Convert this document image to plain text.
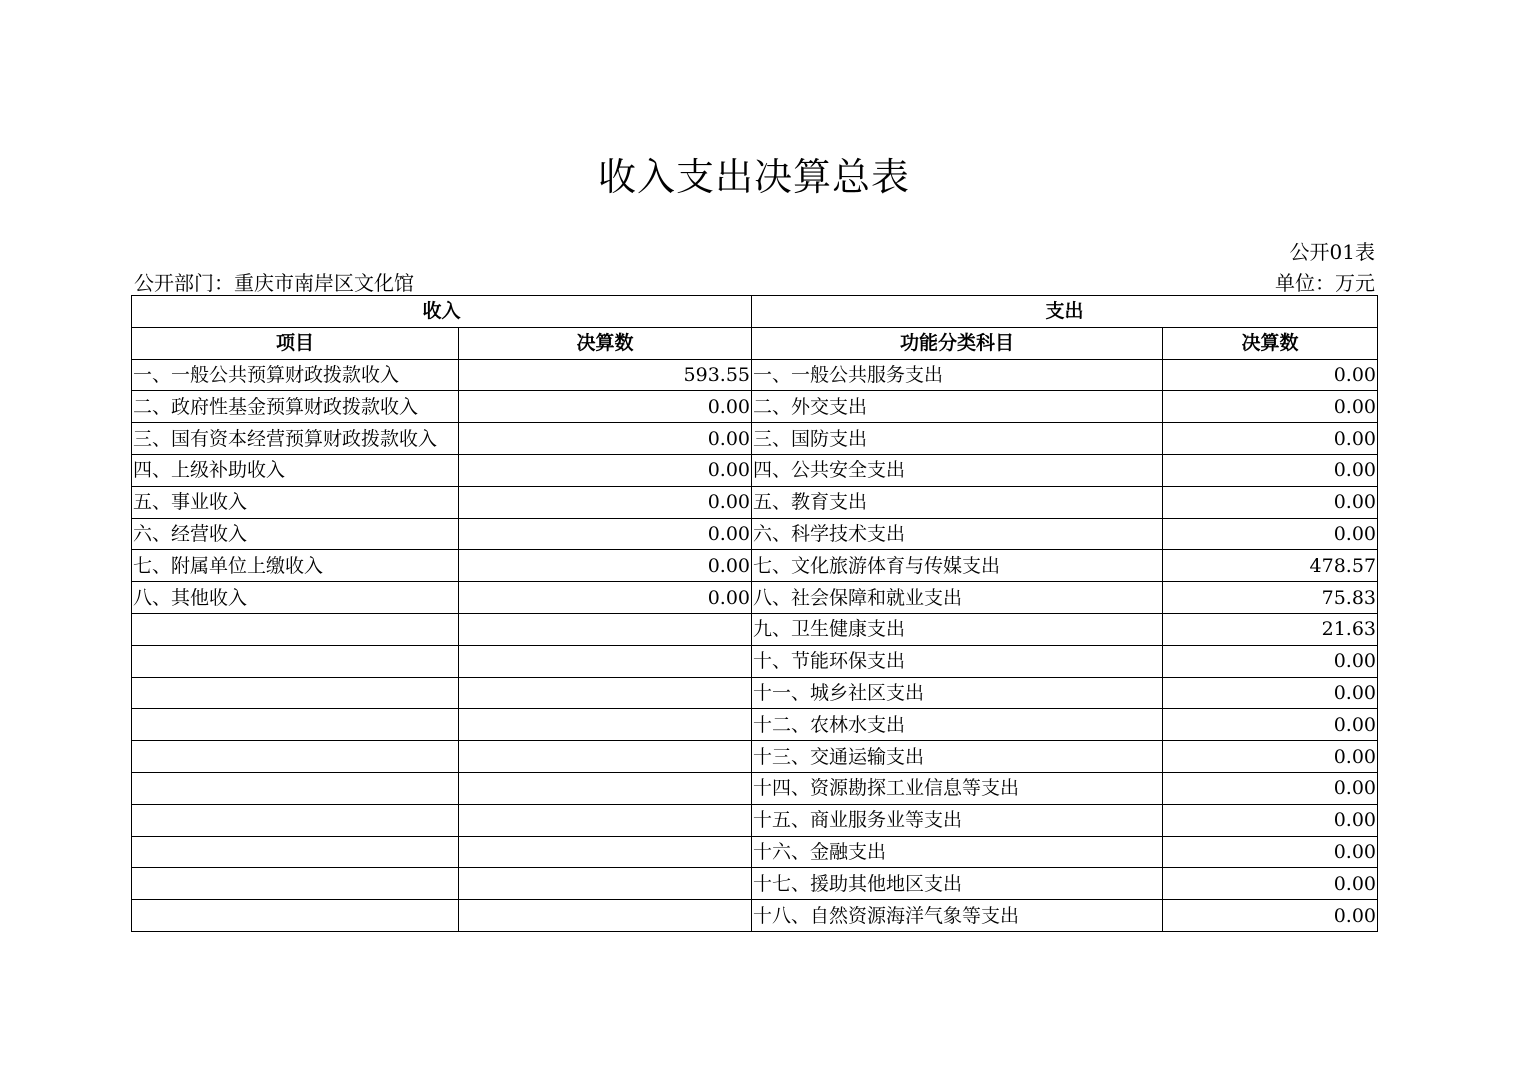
收入支出决算总表
公开01表
公开部门：重庆市南岸区文化馆	单位：万元
收入		支出	
项目	决算数	功能分类科目	决算数
一、一般公共预算财政拨款收入	593.55	一、一般公共服务支出	0.00
二、政府性基金预算财政拨款收入	0.00	二、外交支出	0.00
三、国有资本经营预算财政拨款收入	0.00	三、国防支出	0.00
四、上级补助收入	0.00	四、公共安全支出	0.00
五、事业收入	0.00	五、教育支出	0.00
六、经营收入	0.00	六、科学技术支出	0.00
七、附属单位上缴收入	0.00	七、文化旅游体育与传媒支出	478.57
八、其他收入	0.00	八、社会保障和就业支出	75.83
		九、卫生健康支出	21.63
		十、节能环保支出	0.00
		十一、城乡社区支出	0.00
		十二、农林水支出	0.00
		十三、交通运输支出	0.00
		十四、资源勘探工业信息等支出	0.00
		十五、商业服务业等支出	0.00
		十六、金融支出	0.00
		十七、援助其他地区支出	0.00
		十八、自然资源海洋气象等支出	0.00
